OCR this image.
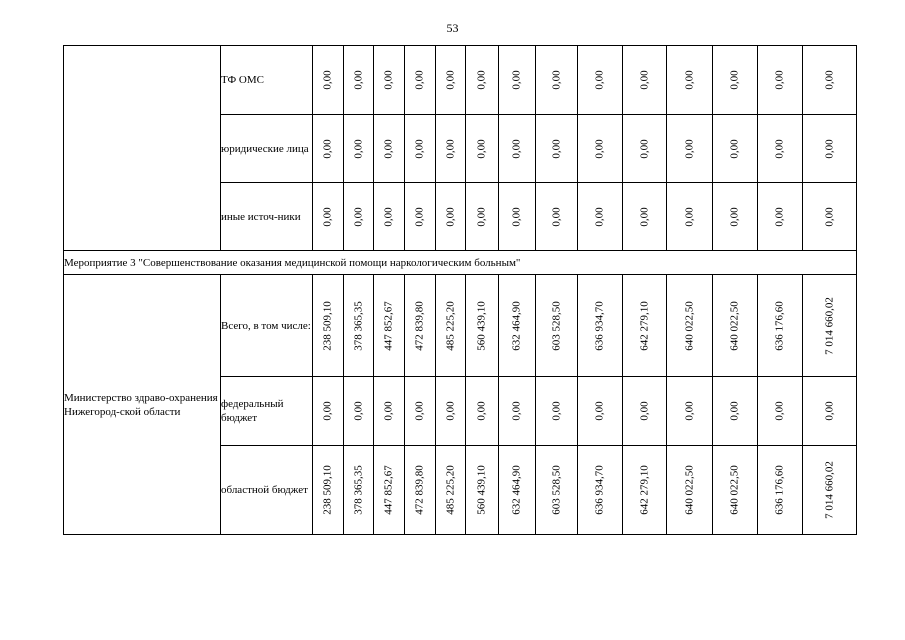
53
	ТФ ОМС	0,00	0,00	0,00	0,00	0,00	0,00	0,00	0,00	0,00	0,00	0,00	0,00	0,00	0,00

	юридические лица	0,00	0,00	0,00	0,00	0,00	0,00	0,00	0,00	0,00	0,00	0,00	0,00	0,00	0,00

	иные источ-ники	0,00	0,00	0,00	0,00	0,00	0,00	0,00	0,00	0,00	0,00	0,00	0,00	0,00	0,00

Мероприятие 3 "Совершенствование оказания медицинской помощи наркологическим больным"															
Министерство здраво-охранения Нижегород-ской области	Всего, в том числе:	238 509,10	378 365,35	447 852,67	472 839,80	485 225,20	560 439,10	632 464,90	603 528,50	636 934,70	642 279,10	640 022,50	640 022,50	636 176,60	7 014 660,02

	федеральный бюджет	0,00	0,00	0,00	0,00	0,00	0,00	0,00	0,00	0,00	0,00	0,00	0,00	0,00	0,00

	областной бюджет	238 509,10	378 365,35	447 852,67	472 839,80	485 225,20	560 439,10	632 464,90	603 528,50	636 934,70	642 279,10	640 022,50	640 022,50	636 176,60	7 014 660,02
